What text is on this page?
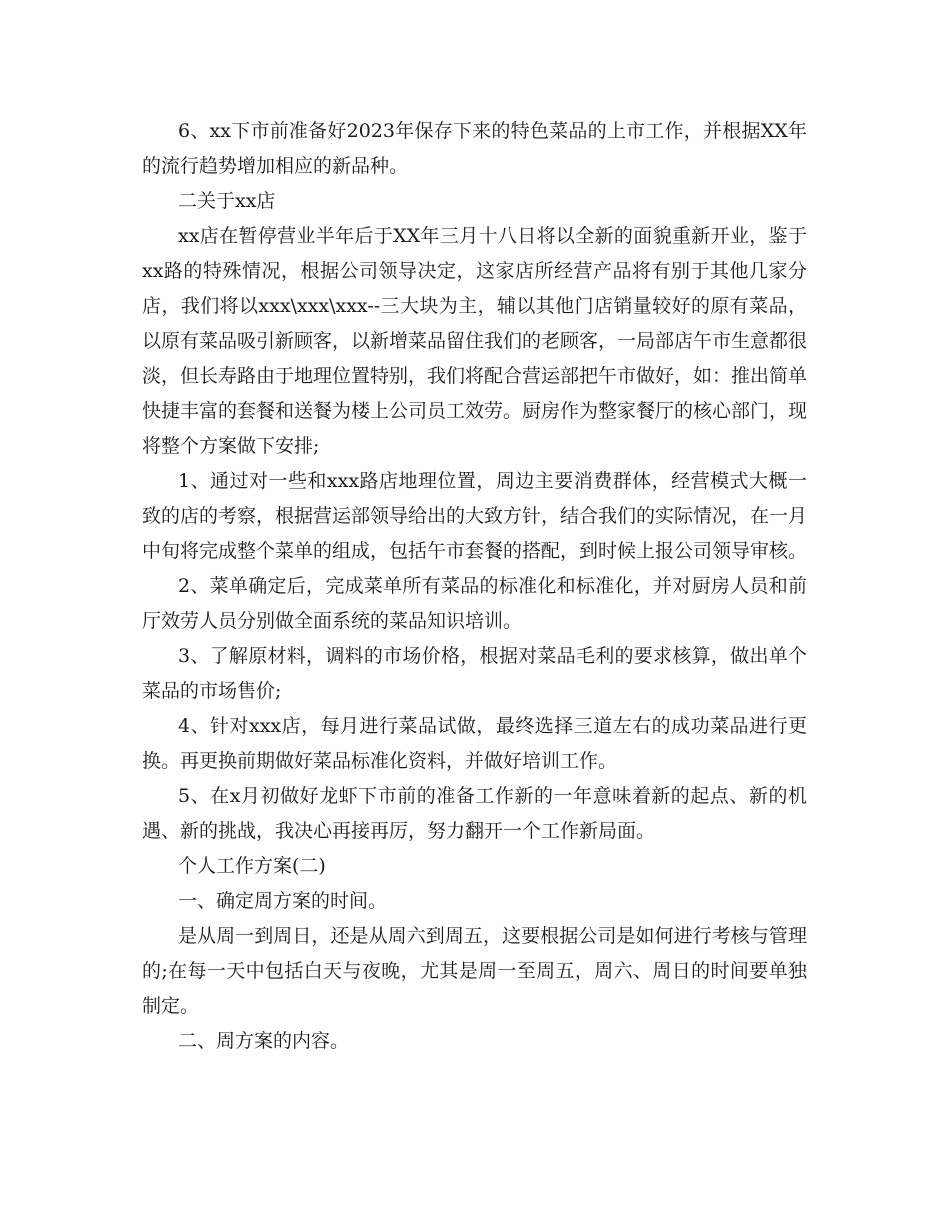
6、xx下市前准备好2023年保存下来的特色菜品的上市工作，并根据XX年的流行趋势增加相应的新品种。

二关于xx店

xx店在暂停营业半年后于XX年三月十八日将以全新的面貌重新开业，鉴于xx路的特殊情况，根据公司领导决定，这家店所经营产品将有别于其他几家分店，我们将以xxx\xxx\xxx--三大块为主，辅以其他门店销量较好的原有菜品，以原有菜品吸引新顾客，以新增菜品留住我们的老顾客，一局部店午市生意都很淡，但长寿路由于地理位置特别，我们将配合营运部把午市做好，如：推出简单快捷丰富的套餐和送餐为楼上公司员工效劳。厨房作为整家餐厅的核心部门，现将整个方案做下安排;

1、通过对一些和xxx路店地理位置，周边主要消费群体，经营模式大概一致的店的考察，根据营运部领导给出的大致方针，结合我们的实际情况，在一月中旬将完成整个菜单的组成，包括午市套餐的搭配，到时候上报公司领导审核。

2、菜单确定后，完成菜单所有菜品的标准化和标准化，并对厨房人员和前厅效劳人员分别做全面系统的菜品知识培训。

3、了解原材料，调料的市场价格，根据对菜品毛利的要求核算，做出单个菜品的市场售价;

4、针对xxx店，每月进行菜品试做，最终选择三道左右的成功菜品进行更换。再更换前期做好菜品标准化资料，并做好培训工作。

5、在x月初做好龙虾下市前的准备工作新的一年意味着新的起点、新的机遇、新的挑战，我决心再接再厉，努力翻开一个工作新局面。

个人工作方案(二)

一、确定周方案的时间。

是从周一到周日，还是从周六到周五，这要根据公司是如何进行考核与管理的;在每一天中包括白天与夜晚，尤其是周一至周五，周六、周日的时间要单独制定。

二、周方案的内容。
